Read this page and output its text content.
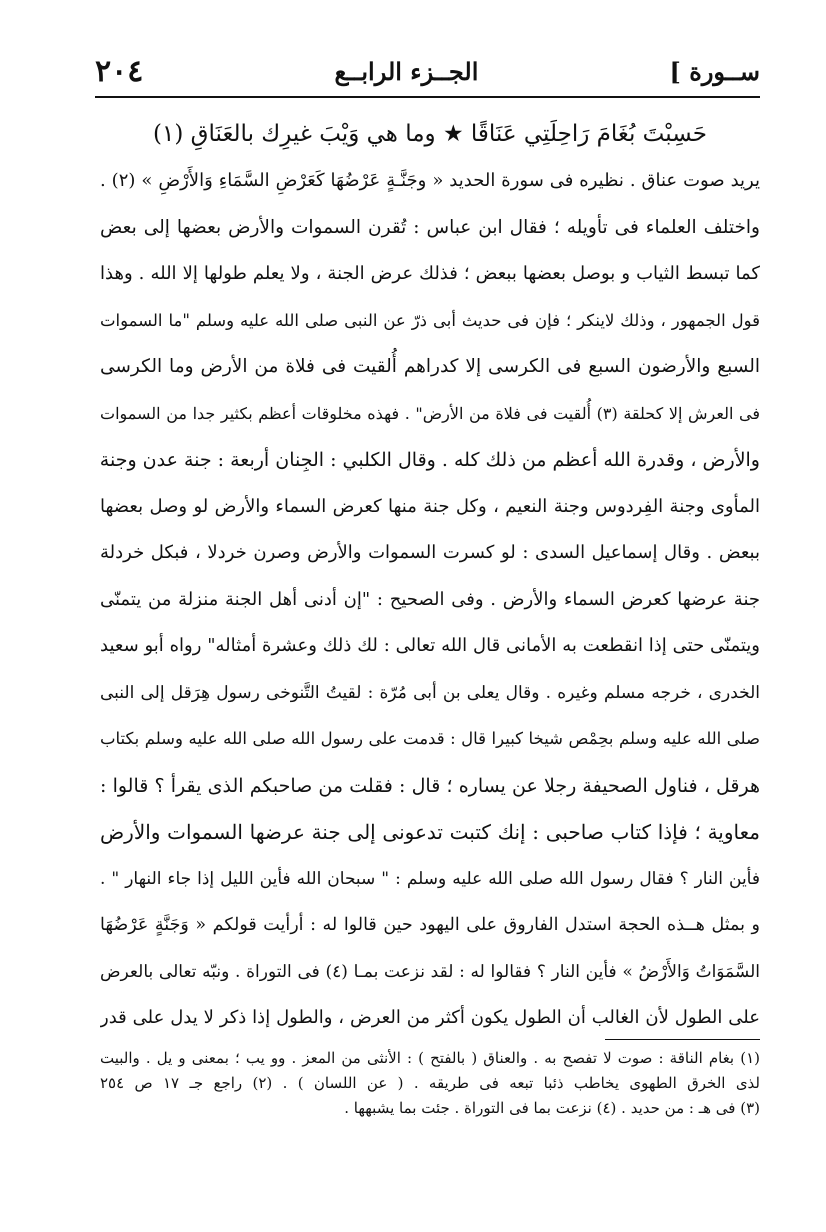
٢٠٤	الجــزء الرابــع	[ ســورة
حَسِبْتَ بُغَامَ رَاحِلَتِي عَنَاقًا ★ وما هي وَيْبَ غيرِك بالعَنَاقِ (١)
يريد صوت عناق . نظيره فى سورة الحديد « وجَنَّـةٍ عَرْضُهَا كَعَرْضِ السَّمَاءِ وَالأَرْضِ » (٢) .
واختلف العلماء فى تأويله ؛ فقال ابن عباس : تُقرن السموات والأرض بعضها إلى بعض
كما تبسط الثياب و بوصل بعضها ببعض ؛ فذلك عرض الجنة ، ولا يعلم طولها إلا الله . وهذا
قول الجمهور ، وذلك لاينكر ؛ فإن فى حديث أبى ذرّ عن النبى صلى الله عليه وسلم "ما السموات
السبع والأرضون السبع فى الكرسى إلا كدراهم أُلقيت فى فلاة من الأرض وما الكرسى
فى العرش إلا كحلقة (٣) أُلقيت فى فلاة من الأرض" . فهذه مخلوقات أعظم بكثير جدا من السموات
والأرض ، وقدرة الله أعظم من ذلك كله . وقال الكلبي : الجِنان أربعة : جنة عدن وجنة
المأوى وجنة الفِردوس وجنة النعيم ، وكل جنة منها كعرض السماء والأرض لو وصل بعضها
ببعض . وقال إسماعيل السدى : لو كسرت السموات والأرض وصرن خردلا ، فبكل خردلة
جنة عرضها كعرض السماء والأرض . وفى الصحيح : "إن أدنى أهل الجنة منزلة من يتمنّى
ويتمنّى حتى إذا انقطعت به الأمانى قال الله تعالى : لك ذلك وعشرة أمثاله" رواه أبو سعيد
الخدرى ، خرجه مسلم وغيره . وقال يعلى بن أبى مُرّة : لقيتُ التَّنوخى رسول هِرَقل إلى النبى
صلى الله عليه وسلم بحِمْص شيخا كبيرا قال : قدمت على رسول الله صلى الله عليه وسلم بكتاب
هرقل ، فناول الصحيفة رجلا عن يساره ؛ قال : فقلت من صاحبكم الذى يقرأ ؟ قالوا :
معاوية ؛ فإذا كتاب صاحبى : إنك كتبت تدعونى إلى جنة عرضها السموات والأرض
فأين النار ؟ فقال رسول الله صلى الله عليه وسلم : " سبحان الله فأين الليل إذا جاء النهار " .
و بمثل هــذه الحجة استدل الفاروق على اليهود حين قالوا له : أرأيت قولكم « وَجَنَّةٍ عَرْضُهَا
السَّمَوَاتُ وَالأَرْضُ » فأين النار ؟ فقالوا له : لقد نزعت بمـا (٤) فى التوراة . ونبّه تعالى بالعرض
على الطول لأن الغالب أن الطول يكون أكثر من العرض ، والطول إذا ذكر لا يدل على قدر
(١) بغام الناقة : صوت لا تفصح به . والعناق ( بالفتح ) : الأنثى من المعز . وو يب ؛ بمعنى و يل . والبيت
لذى الخرق الطهوى يخاطب ذئبا تبعه فى طريقه . ( عن اللسان ) . (٢) راجع جـ ١٧ ص ٢٥٤
(٣) فى هـ : من حديد . (٤) نزعت بما فى التوراة . جئت بما يشبهها .
